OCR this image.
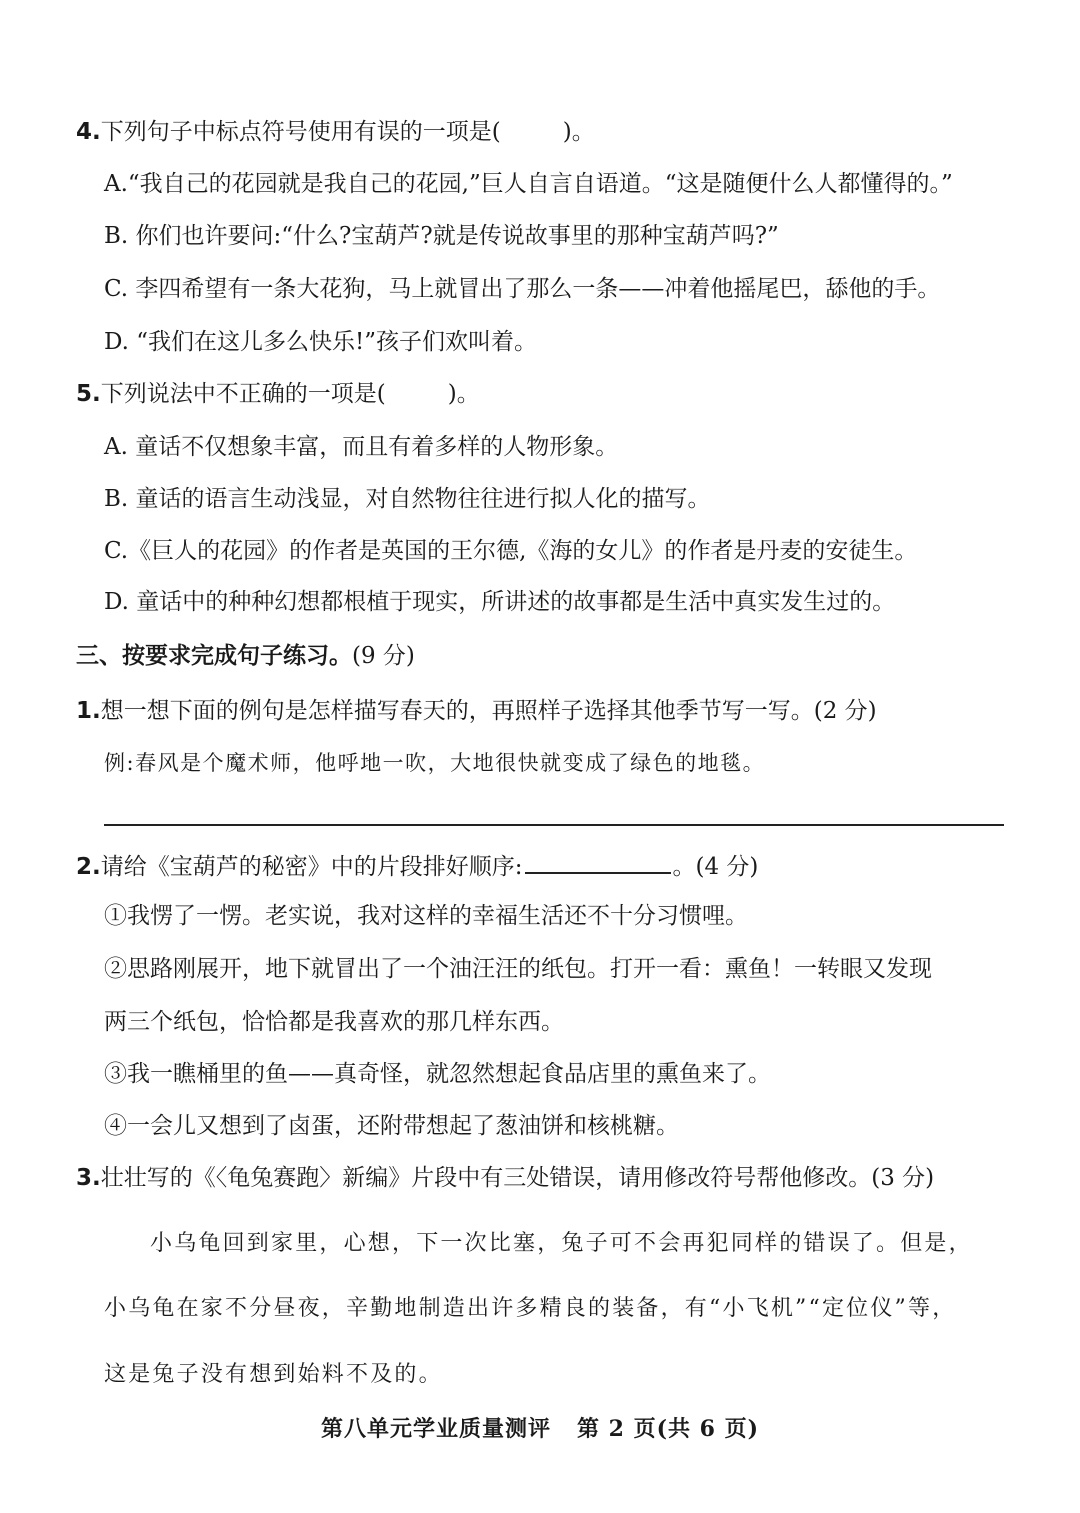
4.下列句子中标点符号使用有误的一项是(	)。
A.“我自己的花园就是我自己的花园,”巨人自言自语道。“这是随便什么人都懂得的。”
B. 你们也许要问:“什么?宝葫芦?就是传说故事里的那种宝葫芦吗?”
C. 李四希望有一条大花狗，马上就冒出了那么一条——冲着他摇尾巴，舔他的手。
D. “我们在这儿多么快乐!”孩子们欢叫着。
5.下列说法中不正确的一项是(	)。
A. 童话不仅想象丰富，而且有着多样的人物形象。
B. 童话的语言生动浅显，对自然物往往进行拟人化的描写。
C.《巨人的花园》的作者是英国的王尔德,《海的女儿》的作者是丹麦的安徒生。
D. 童话中的种种幻想都根植于现实，所讲述的故事都是生活中真实发生过的。
三、按要求完成句子练习。(9 分)
1.想一想下面的例句是怎样描写春天的，再照样子选择其他季节写一写。(2 分)
例:春风是个魔术师，他呼地一吹，大地很快就变成了绿色的地毯。
2.请给《宝葫芦的秘密》中的片段排好顺序:	。(4 分)
①我愣了一愣。老实说，我对这样的幸福生活还不十分习惯哩。
②思路刚展开，地下就冒出了一个油汪汪的纸包。打开一看：熏鱼！一转眼又发现
两三个纸包，恰恰都是我喜欢的那几样东西。
③我一瞧桶里的鱼——真奇怪，就忽然想起食品店里的熏鱼来了。
④一会儿又想到了卤蛋，还附带想起了葱油饼和核桃糖。
3.壮壮写的《〈龟兔赛跑〉新编》片段中有三处错误，请用修改符号帮他修改。(3 分)
小乌龟回到家里，心想，下一次比塞，兔子可不会再犯同样的错误了。但是，
小乌龟在家不分昼夜，辛勤地制造出许多精良的装备，有“小飞机”“定位仪”等，
这是兔子没有想到始料不及的。
第八单元学业质量测评 第 2 页(共 6 页)
